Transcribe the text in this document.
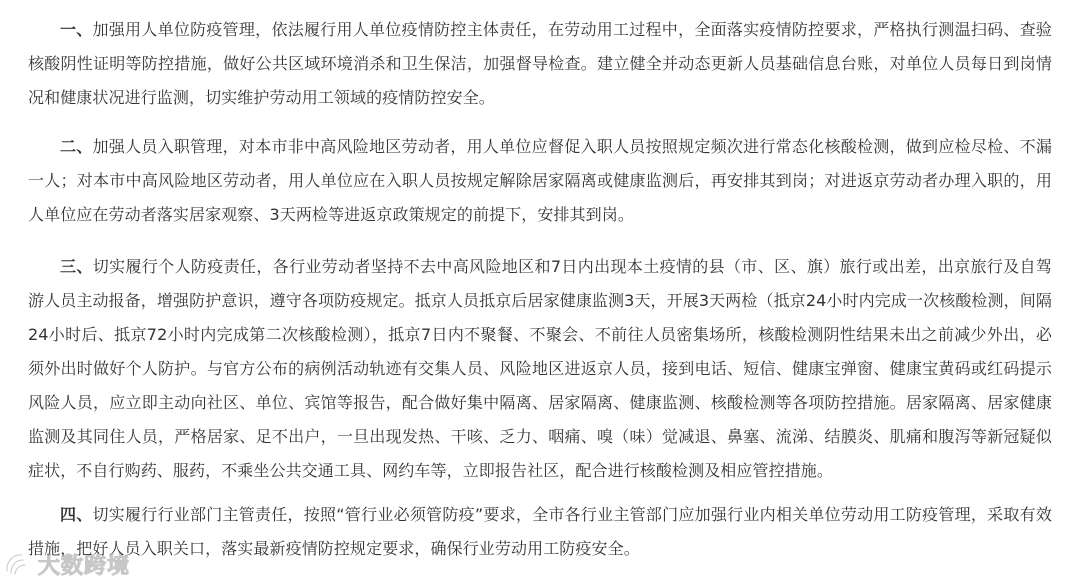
一、加强用人单位防疫管理，依法履行用人单位疫情防控主体责任，在劳动用工过程中，全面落实疫情防控要求，严格执行测温扫码、查验核酸阴性证明等防控措施，做好公共区域环境消杀和卫生保洁，加强督导检查。建立健全并动态更新人员基础信息台账，对单位人员每日到岗情况和健康状况进行监测，切实维护劳动用工领域的疫情防控安全。

二、加强人员入职管理，对本市非中高风险地区劳动者，用人单位应督促入职人员按照规定频次进行常态化核酸检测，做到应检尽检、不漏一人；对本市中高风险地区劳动者，用人单位应在入职人员按规定解除居家隔离或健康监测后，再安排其到岗；对进返京劳动者办理入职的，用人单位应在劳动者落实居家观察、3天两检等进返京政策规定的前提下，安排其到岗。

三、切实履行个人防疫责任，各行业劳动者坚持不去中高风险地区和7日内出现本土疫情的县（市、区、旗）旅行或出差，出京旅行及自驾游人员主动报备，增强防护意识，遵守各项防疫规定。抵京人员抵京后居家健康监测3天，开展3天两检（抵京24小时内完成一次核酸检测，间隔24小时后、抵京72小时内完成第二次核酸检测），抵京7日内不聚餐、不聚会、不前往人员密集场所，核酸检测阴性结果未出之前减少外出，必须外出时做好个人防护。与官方公布的病例活动轨迹有交集人员、风险地区进返京人员，接到电话、短信、健康宝弹窗、健康宝黄码或红码提示风险人员，应立即主动向社区、单位、宾馆等报告，配合做好集中隔离、居家隔离、健康监测、核酸检测等各项防控措施。居家隔离、居家健康监测及其同住人员，严格居家、足不出户，一旦出现发热、干咳、乏力、咽痛、嗅（味）觉减退、鼻塞、流涕、结膜炎、肌痛和腹泻等新冠疑似症状，不自行购药、服药，不乘坐公共交通工具、网约车等，立即报告社区，配合进行核酸检测及相应管控措施。

四、切实履行行业部门主管责任，按照“管行业必须管防疫”要求，全市各行业主管部门应加强行业内相关单位劳动用工防疫管理，采取有效措施，把好人员入职关口，落实最新疫情防控规定要求，确保行业劳动用工防疫安全。

大数跨境
